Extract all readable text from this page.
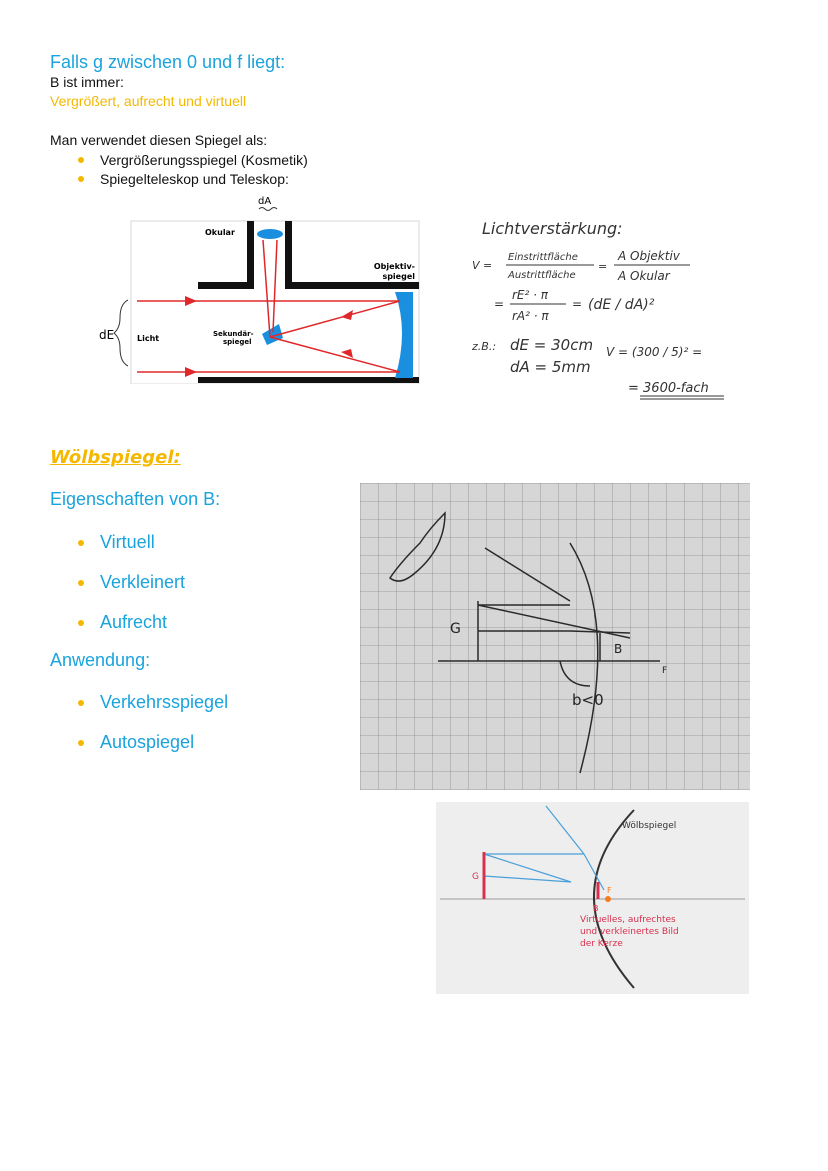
Falls g zwischen 0 und f liegt:
B ist immer:
Vergrößert, aufrecht und virtuell
Man verwendet diesen Spiegel als:
Vergrößerungsspiegel (Kosmetik)
Spiegelteleskop und Teleskop:
dA
Okular
Objektiv-
spiegel
Sekundär-
spiegel
Licht
dE
Lichtverstärkung:
V =
Einstrittfläche
Austrittfläche
=
A Objektiv
A Okular
=
rE² · π
rA² · π
= (dE / dA)²
z.B.: dE = 30cm
dA = 5mm
V = (300 / 5)² =
= 3600-fach
Wölbspiegel:
Eigenschaften von B:
Virtuell
Verkleinert
Aufrecht
Anwendung:
Verkehrsspiegel
Autospiegel
G
B
F
b<0
Wölbspiegel
G
B
F
Virtuelles, aufrechtes
und verkleinertes Bild
der Kerze
